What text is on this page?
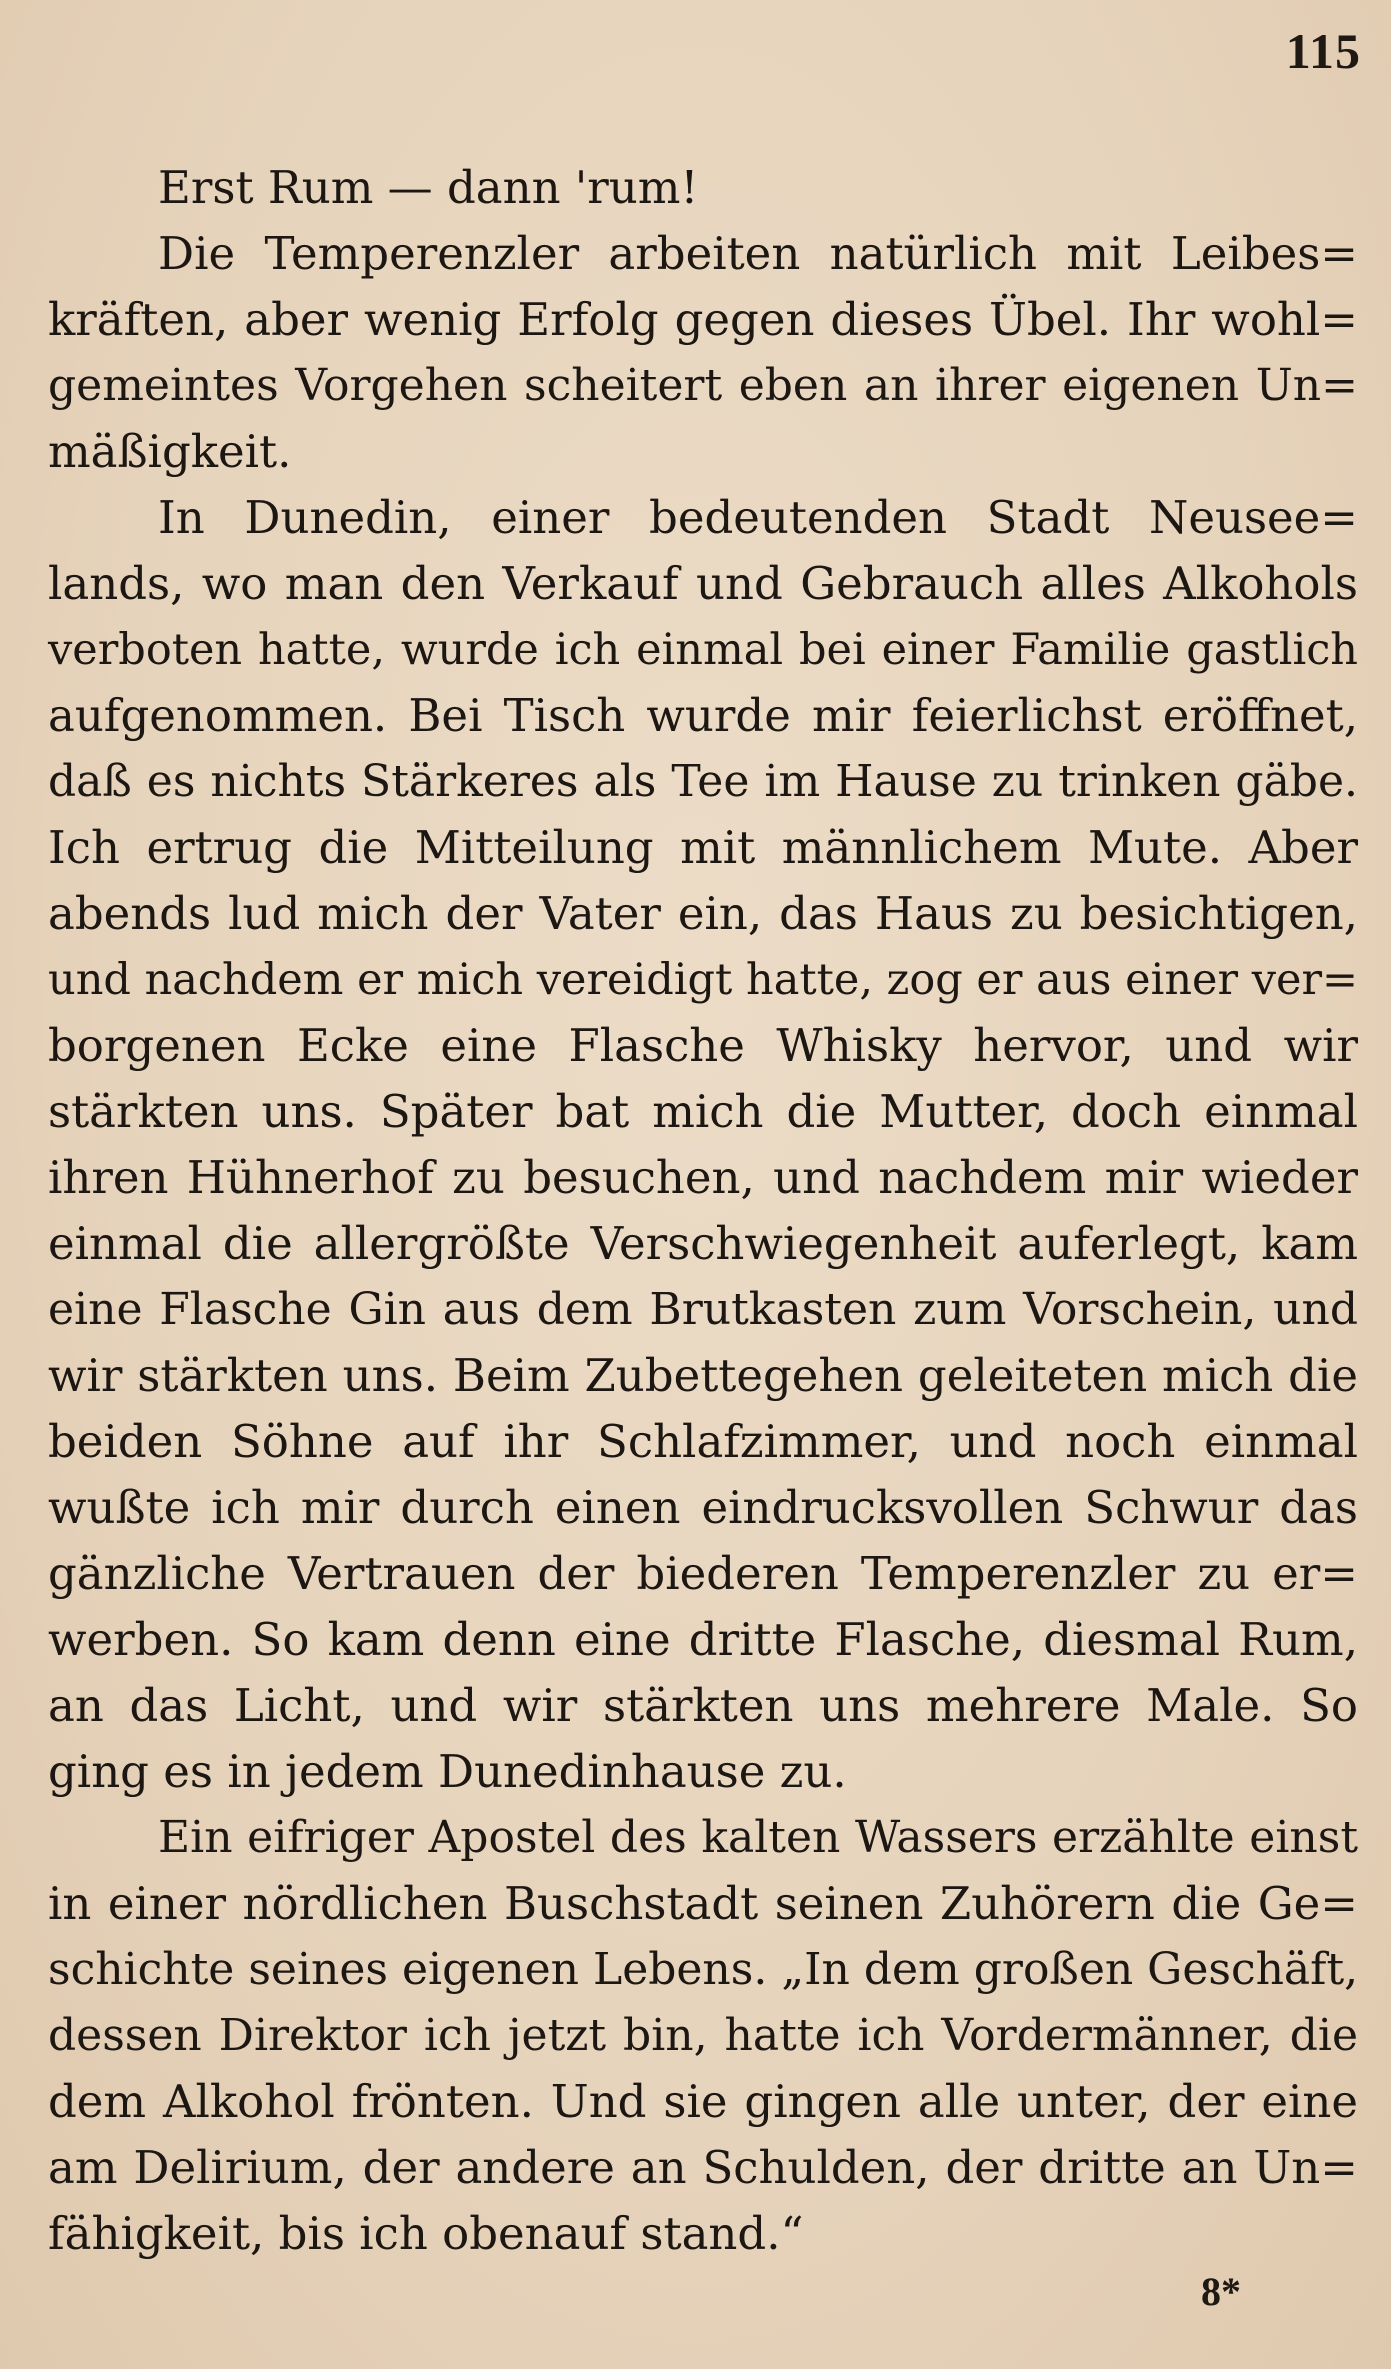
115
Erst Rum — dann 'rum!
Die Temperenzler arbeiten natürlich mit Leibes=
kräften, aber wenig Erfolg gegen dieses Übel. Ihr wohl=
gemeintes Vorgehen scheitert eben an ihrer eigenen Un=
mäßigkeit.
In Dunedin, einer bedeutenden Stadt Neusee=
lands, wo man den Verkauf und Gebrauch alles Alkohols
verboten hatte, wurde ich einmal bei einer Familie gastlich
aufgenommen. Bei Tisch wurde mir feierlichst eröffnet,
daß es nichts Stärkeres als Tee im Hause zu trinken gäbe.
Ich ertrug die Mitteilung mit männlichem Mute. Aber
abends lud mich der Vater ein, das Haus zu besichtigen,
und nachdem er mich vereidigt hatte, zog er aus einer ver=
borgenen Ecke eine Flasche Whisky hervor, und wir
stärkten uns. Später bat mich die Mutter, doch einmal
ihren Hühnerhof zu besuchen, und nachdem mir wieder
einmal die allergrößte Verschwiegenheit auferlegt, kam
eine Flasche Gin aus dem Brutkasten zum Vorschein, und
wir stärkten uns. Beim Zubettegehen geleiteten mich die
beiden Söhne auf ihr Schlafzimmer, und noch einmal
wußte ich mir durch einen eindrucksvollen Schwur das
gänzliche Vertrauen der biederen Temperenzler zu er=
werben. So kam denn eine dritte Flasche, diesmal Rum,
an das Licht, und wir stärkten uns mehrere Male. So
ging es in jedem Dunedinhause zu.
Ein eifriger Apostel des kalten Wassers erzählte einst
in einer nördlichen Buschstadt seinen Zuhörern die Ge=
schichte seines eigenen Lebens. „In dem großen Geschäft,
dessen Direktor ich jetzt bin, hatte ich Vordermänner, die
dem Alkohol frönten. Und sie gingen alle unter, der eine
am Delirium, der andere an Schulden, der dritte an Un=
fähigkeit, bis ich obenauf stand.“
8*
